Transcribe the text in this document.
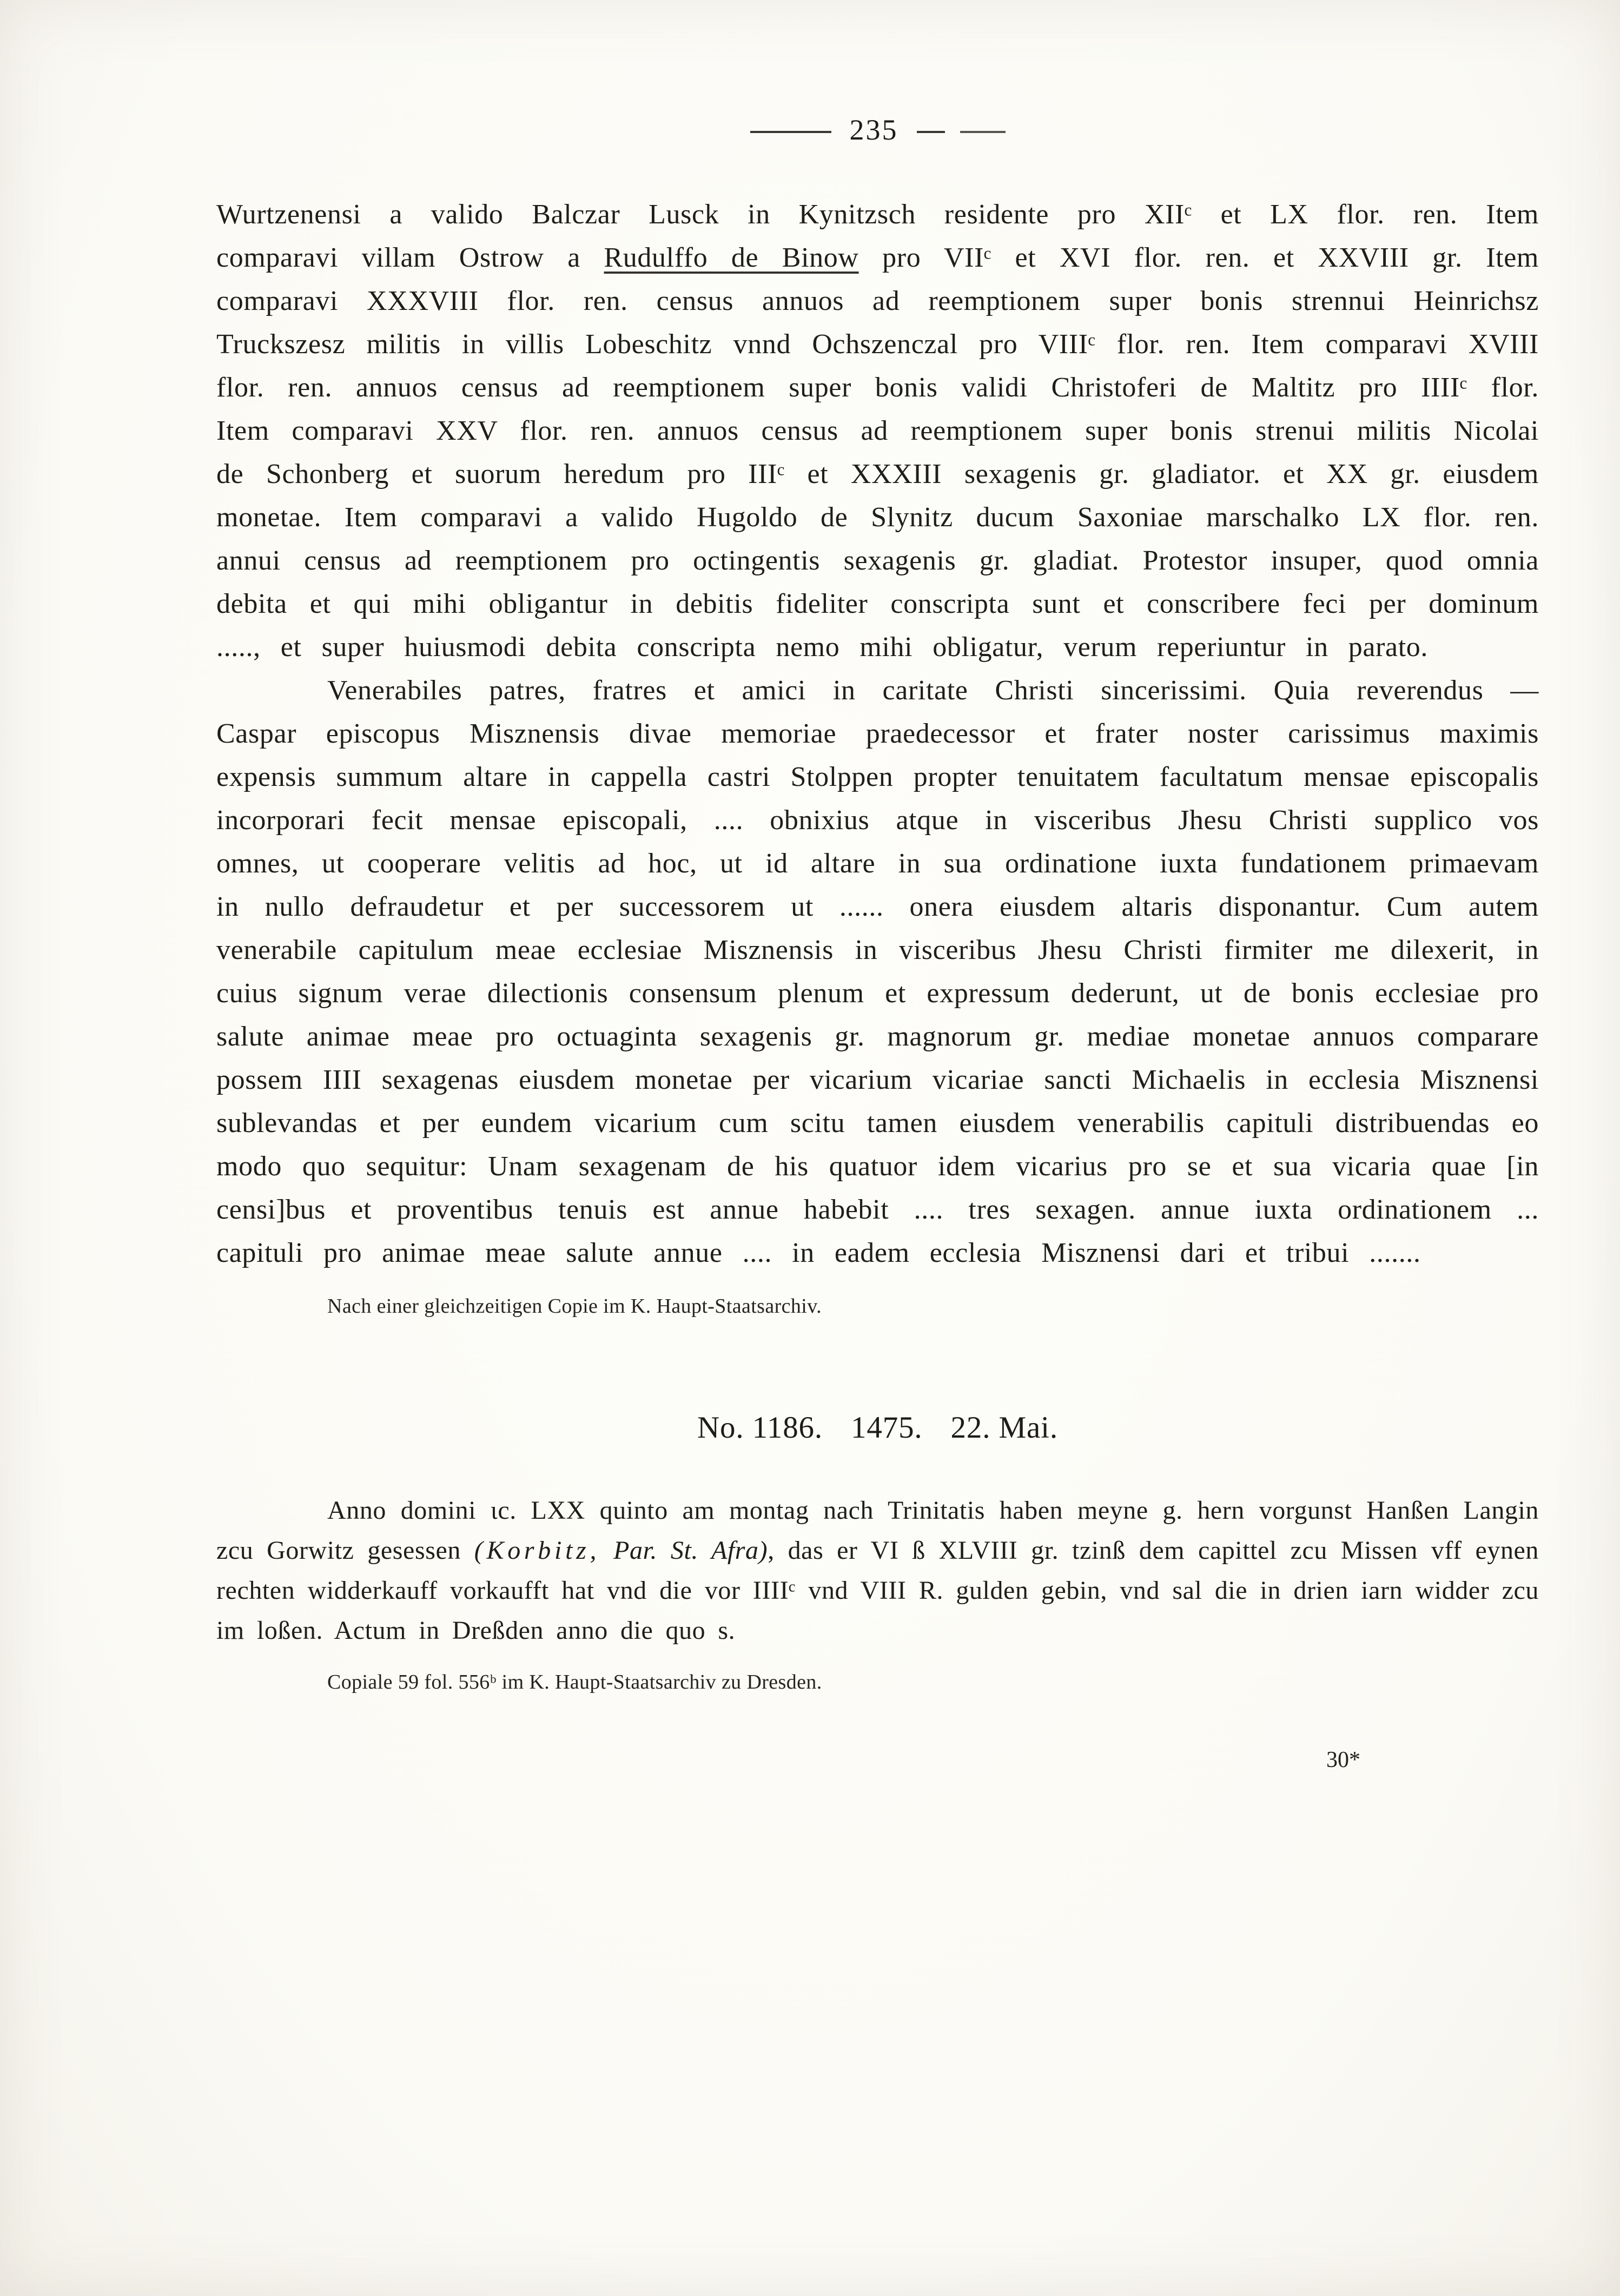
235

Wurtzenensi a valido Balczar Lusck in Kynitzsch residente pro XIIᶜ et LX flor. ren. Item comparavi villam Ostrow a Rudulffo de Binow pro VIIᶜ et XVI flor. ren. et XXVIII gr. Item comparavi XXXVIII flor. ren. census annuos ad reemptionem super bonis strennui Heinrichsz Truckszesz militis in villis Lobeschitz vnnd Ochszenczal pro VIIIᶜ flor. ren. Item comparavi XVIII flor. ren. annuos census ad reemptionem super bonis validi Christoferi de Maltitz pro IIIIᶜ flor. Item comparavi XXV flor. ren. annuos census ad reemptionem super bonis strenui militis Nicolai de Schonberg et suorum heredum pro IIIᶜ et XXXIII sexagenis gr. gladiator. et XX gr. eiusdem monetae. Item comparavi a valido Hugoldo de Slynitz ducum Saxoniae marschalko LX flor. ren. annui census ad reemptionem pro octingentis sexagenis gr. gladiat. Protestor insuper, quod omnia debita et qui mihi obligantur in debitis fideliter conscripta sunt et conscribere feci per dominum ....., et super huiusmodi debita conscripta nemo mihi obligatur, verum reperiuntur in parato.

Venerabiles patres, fratres et amici in caritate Christi sincerissimi. Quia reverendus — Caspar episcopus Misznensis divae memoriae praedecessor et frater noster carissimus maximis expensis summum altare in cappella castri Stolppen propter tenuitatem facultatum mensae episcopalis incorporari fecit mensae episcopali, .... obnixius atque in visceribus Jhesu Christi supplico vos omnes, ut cooperare velitis ad hoc, ut id altare in sua ordinatione iuxta fundationem primaevam in nullo defraudetur et per successorem ut ...... onera eiusdem altaris disponantur. Cum autem venerabile capitulum meae ecclesiae Misznensis in visceribus Jhesu Christi firmiter me dilexerit, in cuius signum verae dilectionis consensum plenum et expressum dederunt, ut de bonis ecclesiae pro salute animae meae pro octuaginta sexagenis gr. magnorum gr. mediae monetae annuos comparare possem IIII sexagenas eiusdem monetae per vicarium vicariae sancti Michaelis in ecclesia Misznensi sublevandas et per eundem vicarium cum scitu tamen eiusdem venerabilis capituli distribuendas eo modo quo sequitur: Unam sexagenam de his quatuor idem vicarius pro se et sua vicaria quae [in censi]bus et proventibus tenuis est annue habebit .... tres sexagen. annue iuxta ordinationem ... capituli pro animae meae salute annue .... in eadem ecclesia Misznensi dari et tribui .......

Nach einer gleichzeitigen Copie im K. Haupt-Staatsarchiv.

No. 1186. 1475. 22. Mai.

Anno domini ɩc. LXX quinto am montag nach Trinitatis haben meyne g. hern vorgunst Hanßen Langin zcu Gorwitz gesessen (Korbitz, Par. St. Afra), das er VI ß XLVIII gr. tzinß dem capittel zcu Missen vff eynen rechten widderkauff vorkaufft hat vnd die vor IIIIᶜ vnd VIII R. gulden gebin, vnd sal die in drien iarn widder zcu im loßen. Actum in Dreßden anno die quo s.

Copiale 59 fol. 556ᵇ im K. Haupt-Staatsarchiv zu Dresden.

30*
